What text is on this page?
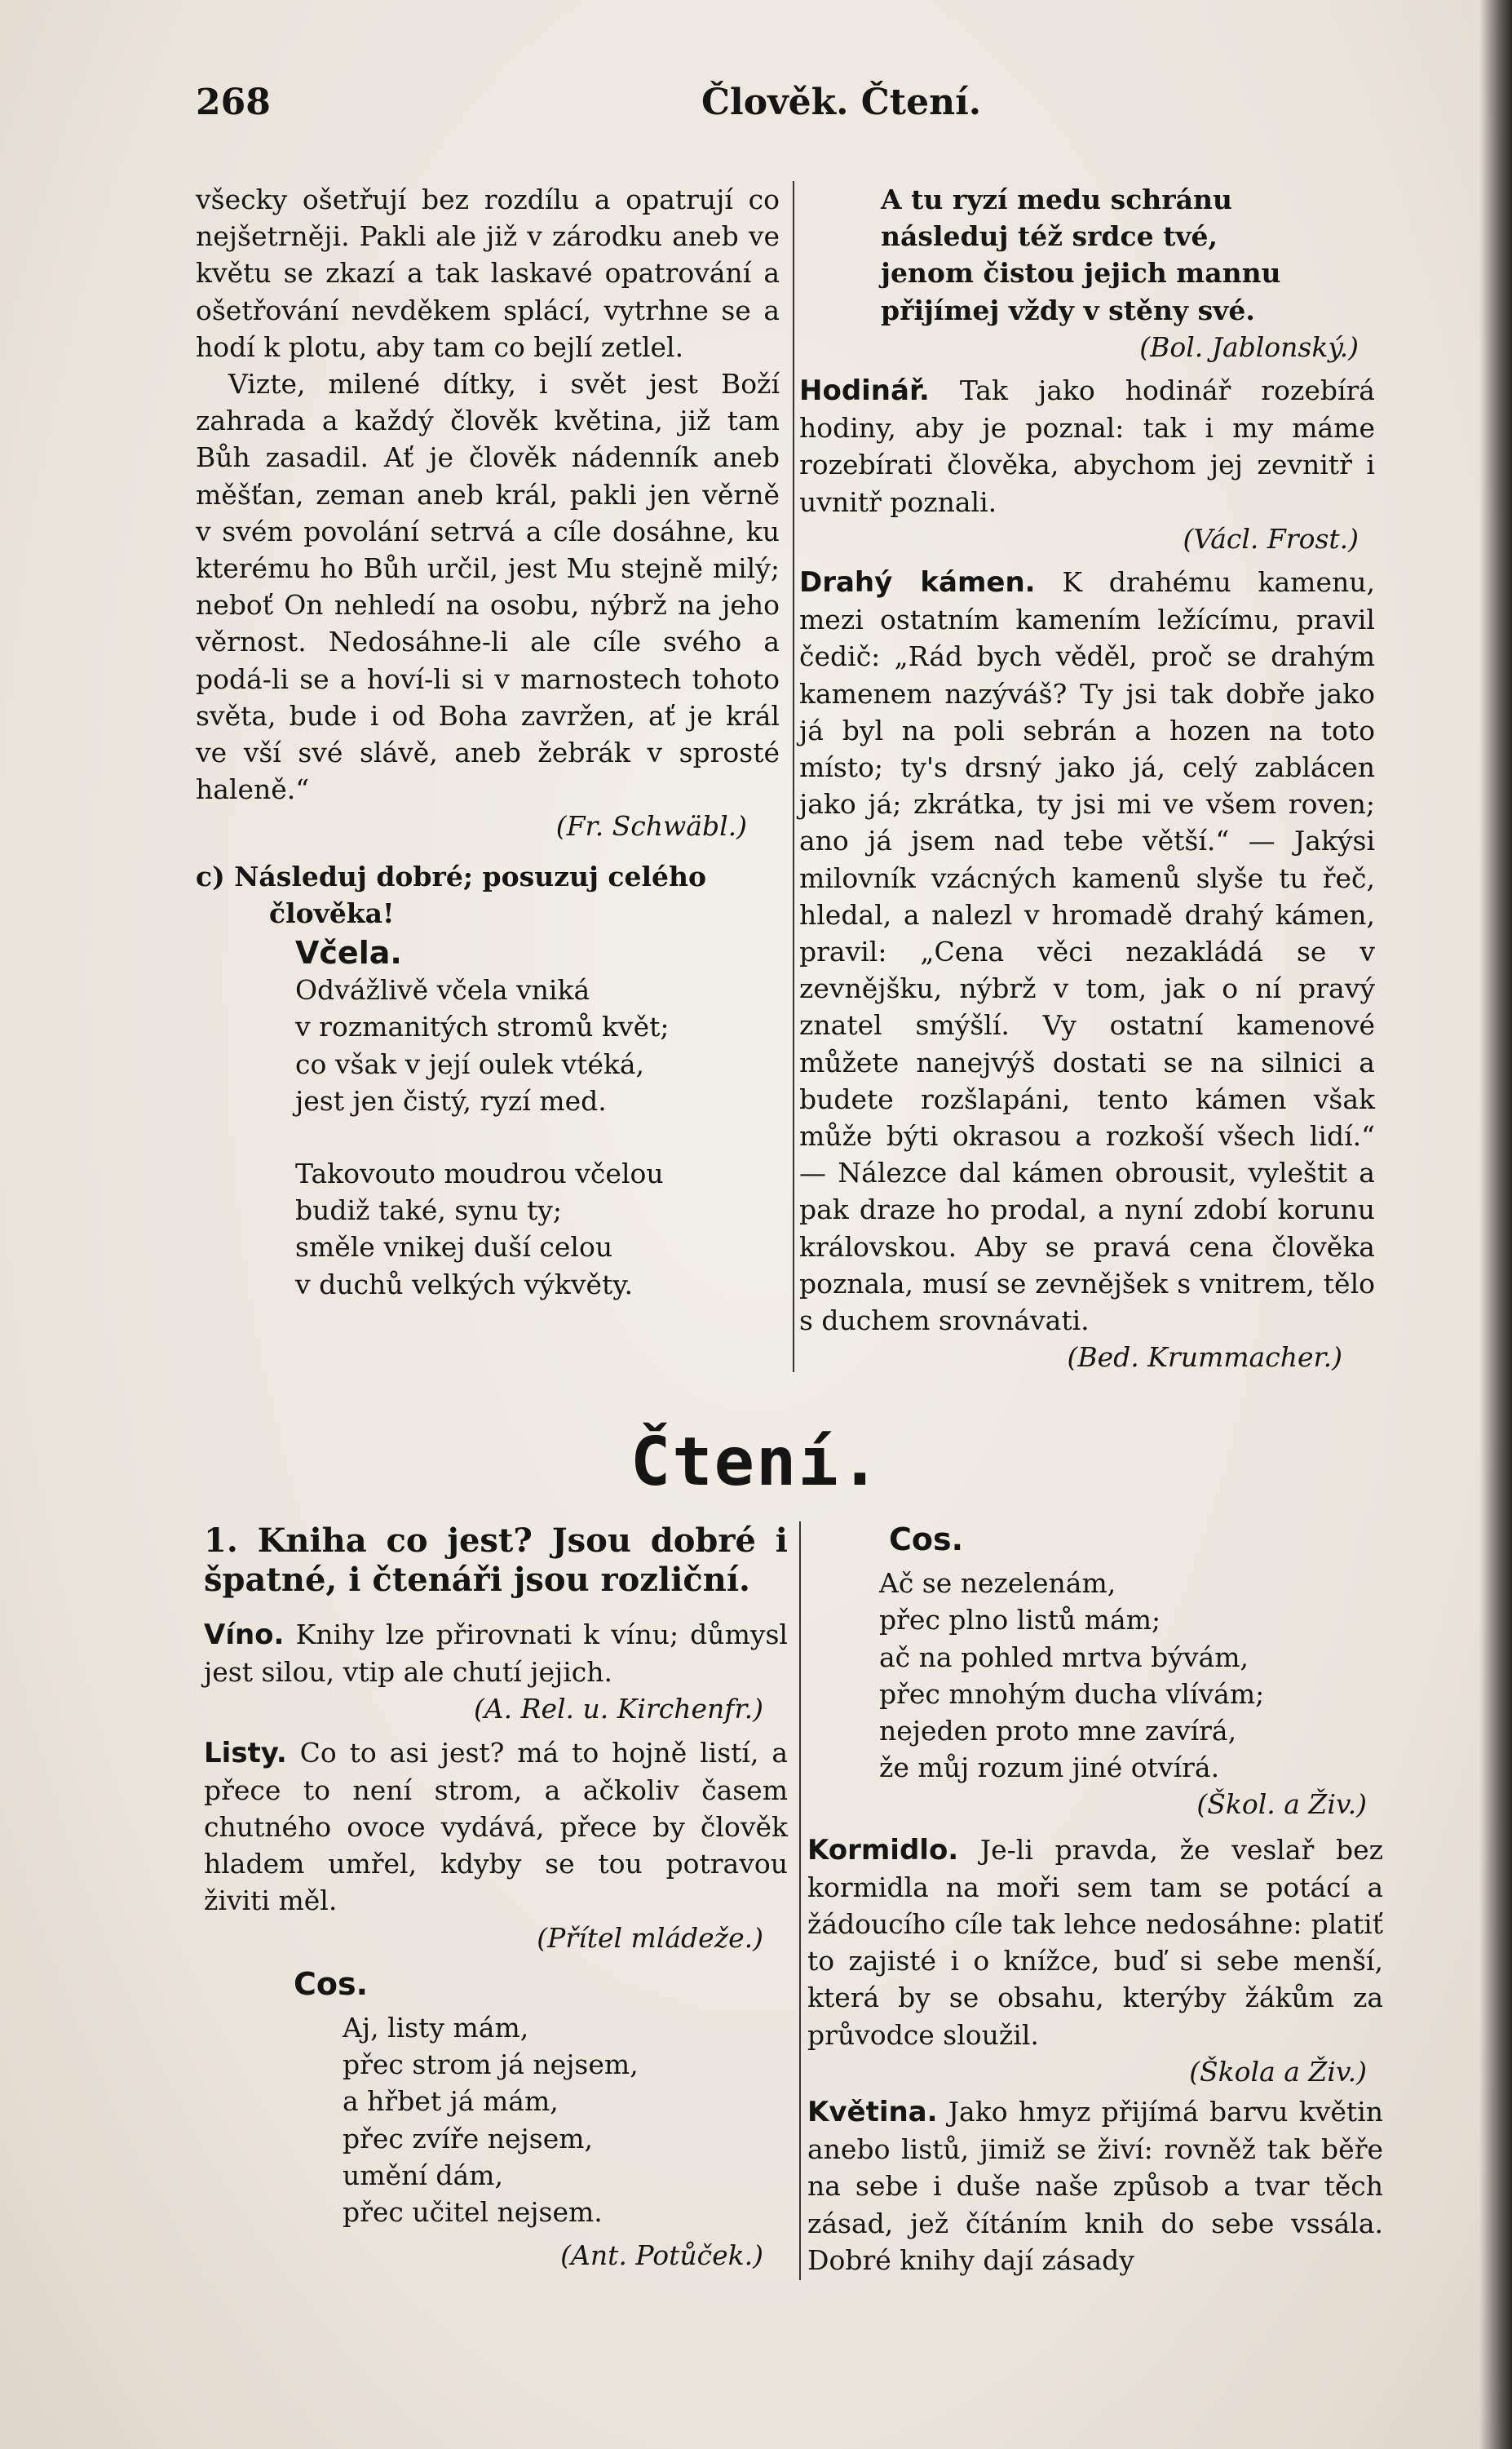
268	Člověk. Čtení.

všecky ošetřují bez rozdílu a opatrují co nejšetrněji. Pakli ale již v zárodku aneb ve květu se zkazí a tak laskavé opatrování a ošetřování nevděkem splácí, vytrhne se a hodí k plotu, aby tam co bejlí zetlel.

Vizte, milené dítky, i svět jest Boží zahrada a každý člověk květina, již tam Bůh zasadil. Ať je člověk nádenník aneb měšťan, zeman aneb král, pakli jen věrně v svém povolání setrvá a cíle dosáhne, ku kterému ho Bůh určil, jest Mu stejně milý; neboť On nehledí na osobu, nýbrž na jeho věrnost. Nedosáhne-li ale cíle svého a podá-li se a hoví-li si v marnostech tohoto světa, bude i od Boha zavržen, ať je král ve vší své slávě, aneb žebrák v sprosté haleně.“

(Fr. Schwäbl.)

c) Následuj dobré; posuzuj celého člověka!

Včela.

Odvážlivě včela vniká
v rozmanitých stromů květ;
co však v její oulek vtéká,
jest jen čistý, ryzí med.

Takovouto moudrou včelou
budiž také, synu ty;
směle vnikej duší celou
v duchů velkých výkvěty.

A tu ryzí medu schránu
následuj též srdce tvé,
jenom čistou jejich mannu
přijímej vždy v stěny své.

(Bol. Jablonský.)

Hodinář. Tak jako hodinář rozebírá hodiny, aby je poznal: tak i my máme rozebírati člověka, abychom jej zevnitř i uvnitř poznali.

(Václ. Frost.)

Drahý kámen. K drahému kamenu, mezi ostatním kamením ležícímu, pravil čedič: „Rád bych věděl, proč se drahým kamenem nazýváš? Ty jsi tak dobře jako já byl na poli sebrán a hozen na toto místo; ty's drsný jako já, celý zablácen jako já; zkrátka, ty jsi mi ve všem roven; ano já jsem nad tebe větší.“ — Jakýsi milovník vzácných kamenů slyše tu řeč, hledal, a nalezl v hromadě drahý kámen, pravil: „Cena věci nezakládá se v zevnějšku, nýbrž v tom, jak o ní pravý znatel smýšlí. Vy ostatní kamenové můžete nanejvýš dostati se na silnici a budete rozšlapáni, tento kámen však může býti okrasou a rozkoší všech lidí.“ — Nálezce dal kámen obrousit, vyleštit a pak draze ho prodal, a nyní zdobí korunu královskou. Aby se pravá cena člověka poznala, musí se zevnějšek s vnitrem, tělo s duchem srovnávati.

(Bed. Krummacher.)

Čtení.

1. Kniha co jest? Jsou dobré i špatné, i čtenáři jsou rozliční.

Víno. Knihy lze přirovnati k vínu; důmysl jest silou, vtip ale chutí jejich.

(A. Rel. u. Kirchenfr.)

Listy. Co to asi jest? má to hojně listí, a přece to není strom, a ačkoliv časem chutného ovoce vydává, přece by člověk hladem umřel, kdyby se tou potravou živiti měl.

(Přítel mládeže.)

Cos.

Aj, listy mám,
přec strom já nejsem,
a hřbet já mám,
přec zvíře nejsem,
umění dám,
přec učitel nejsem.

(Ant. Potůček.)

Cos.

Ač se nezelenám,
přec plno listů mám;
ač na pohled mrtva bývám,
přec mnohým ducha vlívám;
nejeden proto mne zavírá,
že můj rozum jiné otvírá.

(Škol. a Živ.)

Kormidlo. Je-li pravda, že veslař bez kormidla na moři sem tam se potácí a žádoucího cíle tak lehce nedosáhne: platiť to zajisté i o knížce, buď si sebe menší, která by se obsahu, kterýby žákům za průvodce sloužil.

(Škola a Živ.)

Květina. Jako hmyz přijímá barvu květin anebo listů, jimiž se živí: rovněž tak běře na sebe i duše naše způsob a tvar těch zásad, jež čítáním knih do sebe vssála. Dobré knihy dají zásady
